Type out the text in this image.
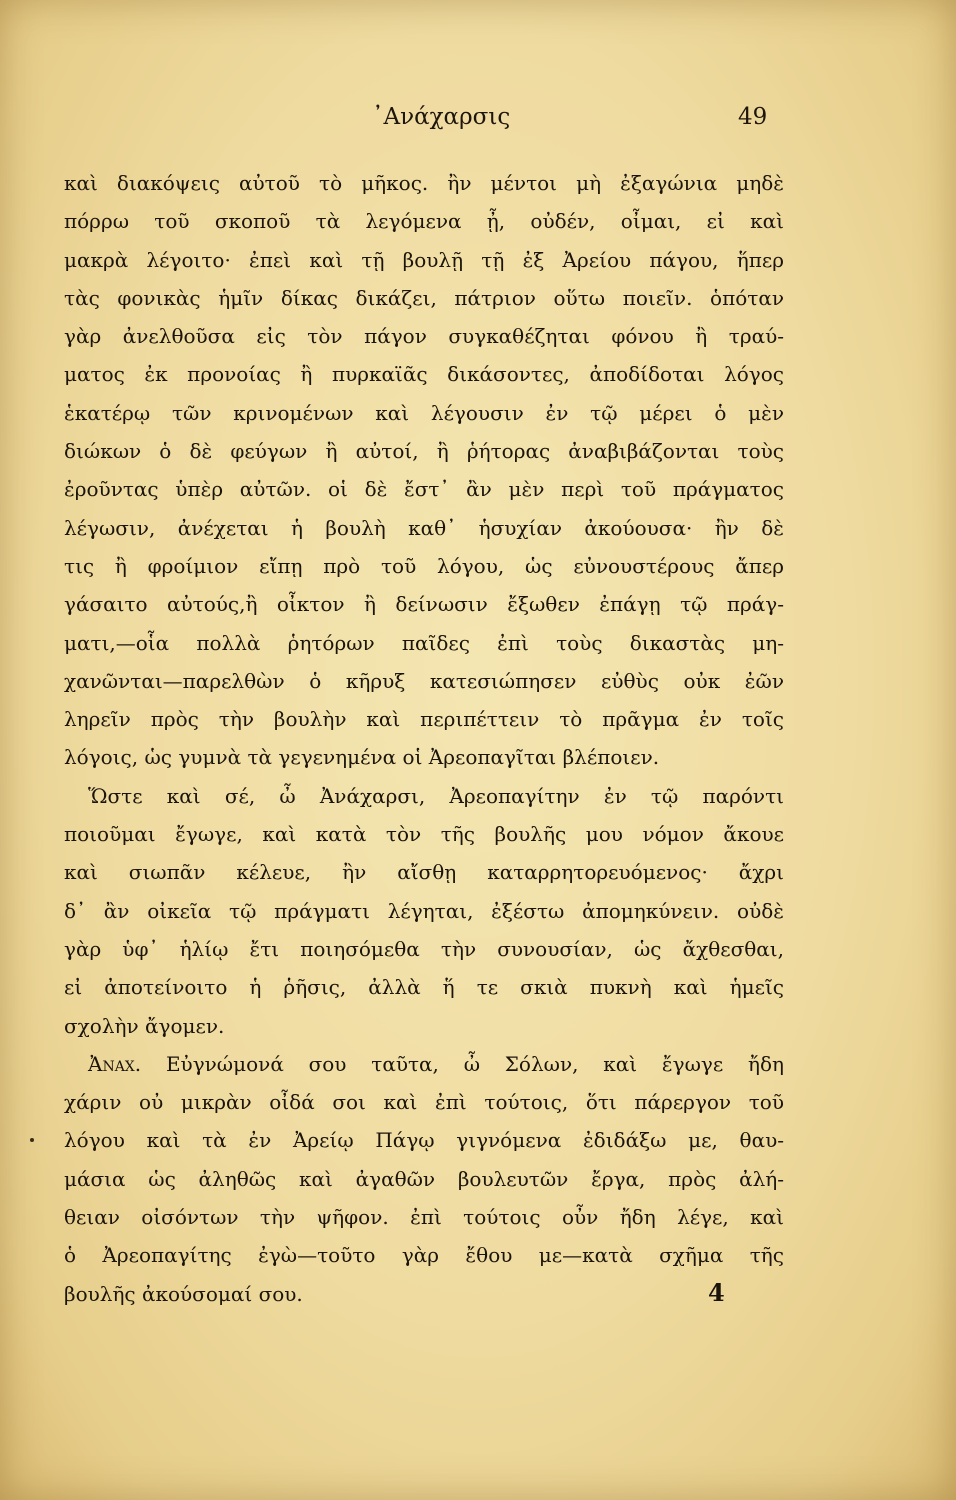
᾿Ανάχαρσις	49
καὶ διακόψεις αὐτοῦ τὸ μῆκος. ἢν μέντοι μὴ ἐξαγώνια μηδὲ
πόρρω τοῦ σκοποῦ τὰ λεγόμενα ᾖ, οὐδέν, οἶμαι, εἰ καὶ
μακρὰ λέγοιτο· ἐπεὶ καὶ τῇ βουλῇ τῇ ἐξ Ἀρείου πάγου, ἥπερ
τὰς φονικὰς ἡμῖν δίκας δικάζει, πάτριον οὕτω ποιεῖν. ὁπόταν
γὰρ ἀνελθοῦσα εἰς τὸν πάγον συγκαθέζηται φόνου ἢ τραύ-
ματος ἐκ προνοίας ἢ πυρκαϊᾶς δικάσοντες, ἀποδίδοται λόγος
ἑκατέρῳ τῶν κρινομένων καὶ λέγουσιν ἐν τῷ μέρει ὁ μὲν
διώκων ὁ δὲ φεύγων ἢ αὐτοί, ἢ ῥήτορας ἀναβιβάζονται τοὺς
ἐροῦντας ὑπὲρ αὐτῶν. οἱ δὲ ἔστ᾽ ἂν μὲν περὶ τοῦ πράγματος
λέγωσιν, ἀνέχεται ἡ βουλὴ καθ᾽ ἡσυχίαν ἀκούουσα· ἢν δὲ
τις ἢ φροίμιον εἴπῃ πρὸ τοῦ λόγου, ὡς εὐνουστέρους ἄπερ
γάσαιτο αὐτούς,ἢ οἶκτον ἢ δείνωσιν ἔξωθεν ἐπάγῃ τῷ πράγ-
ματι,—οἷα πολλὰ ῥητόρων παῖδες ἐπὶ τοὺς δικαστὰς μη-
χανῶνται—παρελθὼν ὁ κῆρυξ κατεσιώπησεν εὐθὺς οὐκ ἐῶν
ληρεῖν πρὸς τὴν βουλὴν καὶ περιπέττειν τὸ πρᾶγμα ἐν τοῖς
λόγοις, ὡς γυμνὰ τὰ γεγενημένα οἱ Ἀρεοπαγῖται βλέποιεν.
Ὥστε καὶ σέ, ὦ Ἀνάχαρσι, Ἀρεοπαγίτην ἐν τῷ παρόντι
ποιοῦμαι ἔγωγε, καὶ κατὰ τὸν τῆς βουλῆς μου νόμον ἄκουε
καὶ σιωπᾶν κέλευε, ἢν αἴσθῃ καταρρητορευόμενος· ἄχρι
δ᾽ ἂν οἰκεῖα τῷ πράγματι λέγηται, ἐξέστω ἀπομηκύνειν. οὐδὲ
γὰρ ὑφ᾽ ἡλίῳ ἔτι ποιησόμεθα τὴν συνουσίαν, ὡς ἄχθεσθαι,
εἰ ἀποτείνοιτο ἡ ῥῆσις, ἀλλὰ ἥ τε σκιὰ πυκνὴ καὶ ἡμεῖς
σχολὴν ἄγομεν.
Ἀναχ. Εὐγνώμονά σου ταῦτα, ὦ Σόλων, καὶ ἔγωγε ἤδη
χάριν οὐ μικρὰν οἶδά σοι καὶ ἐπὶ τούτοις, ὅτι πάρεργον τοῦ
λόγου καὶ τὰ ἐν Ἀρείῳ Πάγῳ γιγνόμενα ἐδιδάξω με, θαυ-
μάσια ὡς ἀληθῶς καὶ ἀγαθῶν βουλευτῶν ἔργα, πρὸς ἀλή-
θειαν οἰσόντων τὴν ψῆφον. ἐπὶ τούτοις οὖν ἤδη λέγε, καὶ
ὁ Ἀρεοπαγίτης ἐγὼ—τοῦτο γὰρ ἔθου με—κατὰ σχῆμα τῆς
βουλῆς ἀκούσομαί σου.	4
